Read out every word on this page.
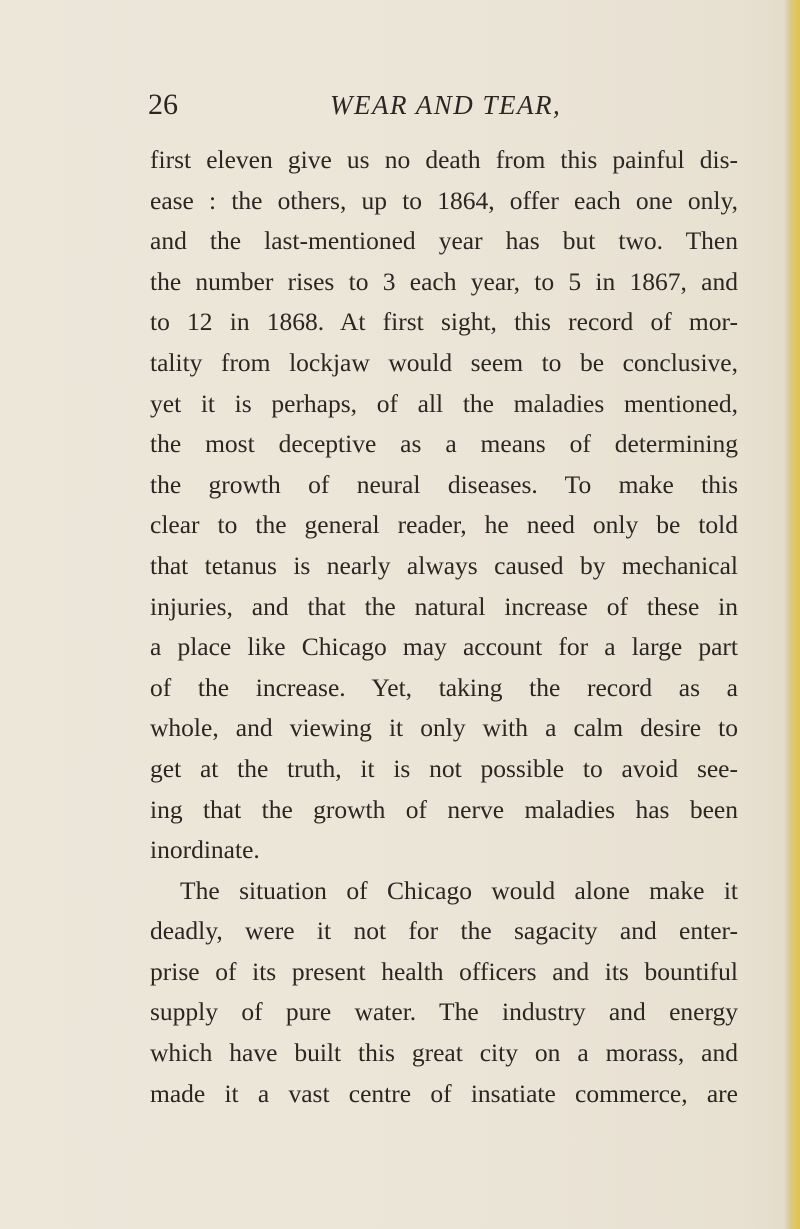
26	WEAR AND TEAR,
first eleven give us no death from this painful dis-
ease : the others, up to 1864, offer each one only,
and the last-mentioned year has but two. Then
the number rises to 3 each year, to 5 in 1867, and
to 12 in 1868. At first sight, this record of mor-
tality from lockjaw would seem to be conclusive,
yet it is perhaps, of all the maladies mentioned,
the most deceptive as a means of determining
the growth of neural diseases. To make this
clear to the general reader, he need only be told
that tetanus is nearly always caused by mechanical
injuries, and that the natural increase of these in
a place like Chicago may account for a large part
of the increase. Yet, taking the record as a
whole, and viewing it only with a calm desire to
get at the truth, it is not possible to avoid see-
ing that the growth of nerve maladies has been
inordinate.
The situation of Chicago would alone make it
deadly, were it not for the sagacity and enter-
prise of its present health officers and its bountiful
supply of pure water. The industry and energy
which have built this great city on a morass, and
made it a vast centre of insatiate commerce, are
